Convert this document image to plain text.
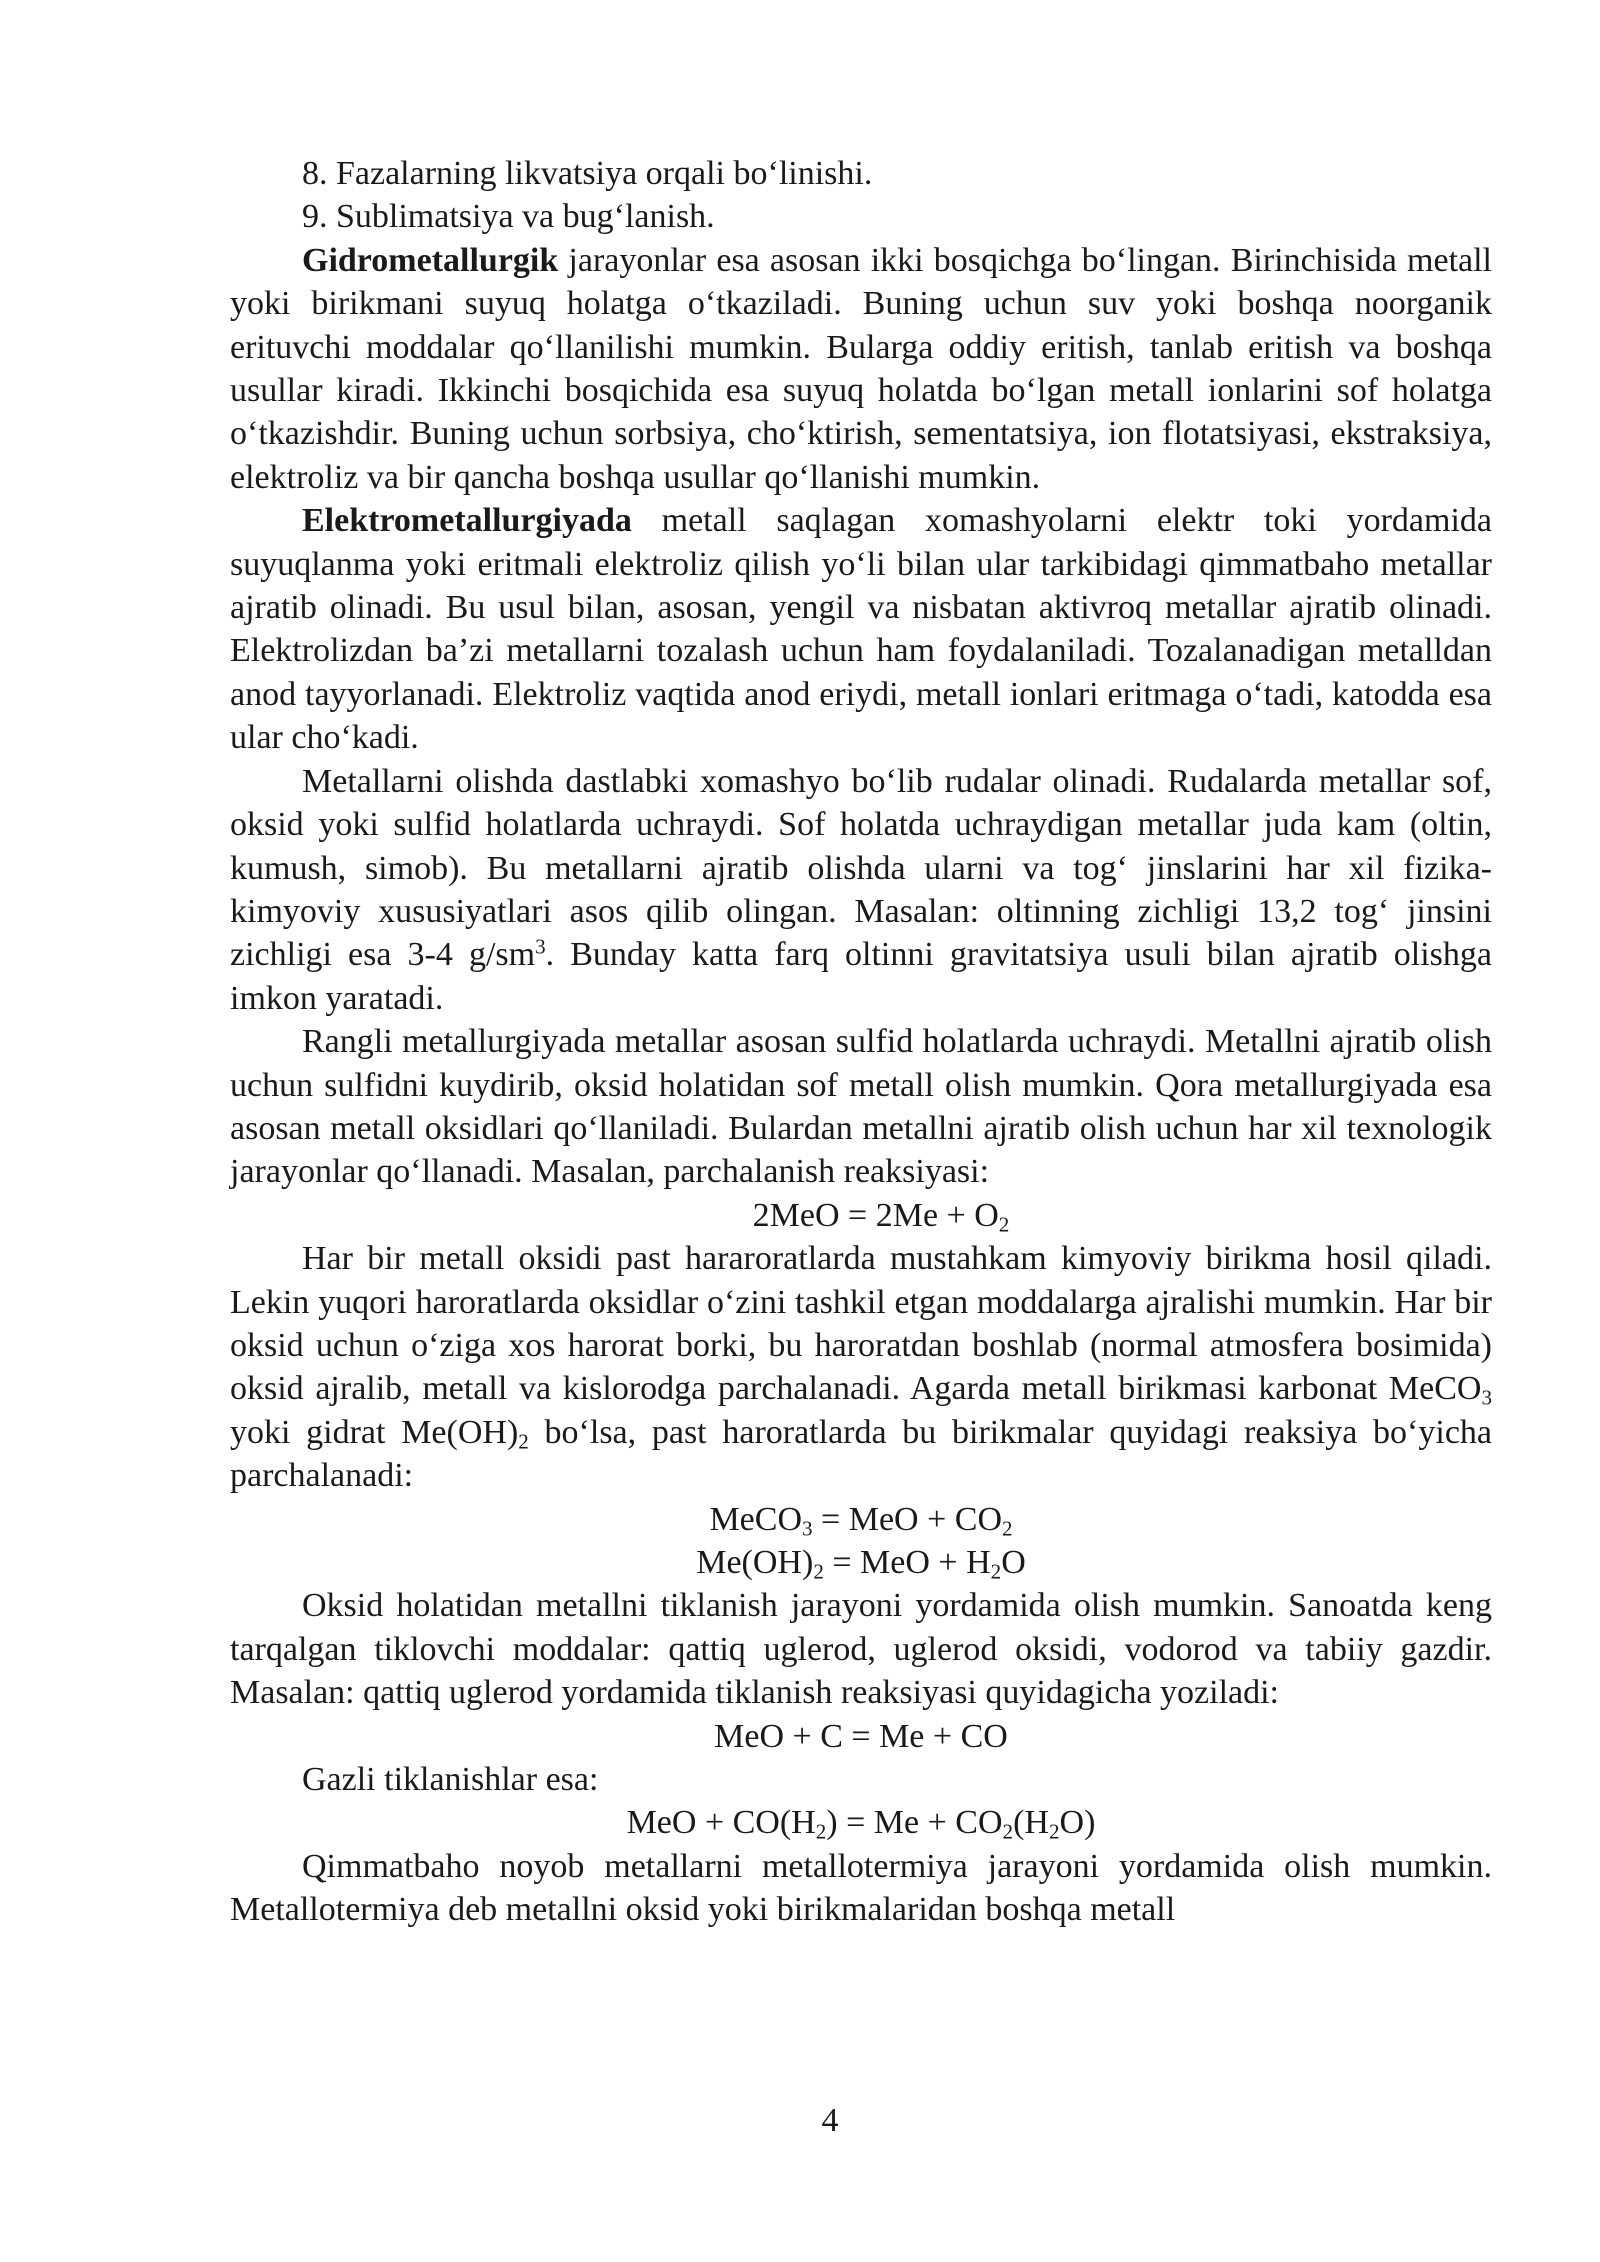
8. Fazalarning likvatsiya orqali bo‘linishi.

9. Sublimatsiya va bug‘lanish.

Gidrometallurgik jarayonlar esa asosan ikki bosqichga bo‘lingan. Birinchisida metall yoki birikmani suyuq holatga o‘tkaziladi. Buning uchun suv yoki boshqa noorganik erituvchi moddalar qo‘llanilishi mumkin. Bularga oddiy eritish, tanlab eritish va boshqa usullar kiradi. Ikkinchi bosqichida esa suyuq holatda bo‘lgan metall ionlarini sof holatga o‘tkazishdir. Buning uchun sorbsiya, cho‘ktirish, sementatsiya, ion flotatsiyasi, ekstraksiya, elektroliz va bir qancha boshqa usullar qo‘llanishi mumkin.

Elektrometallurgiyada metall saqlagan xomashyolarni elektr toki yordamida suyuqlanma yoki eritmali elektroliz qilish yo‘li bilan ular tarkibidagi qimmatbaho metallar ajratib olinadi. Bu usul bilan, asosan, yengil va nisbatan aktivroq metallar ajratib olinadi. Elektrolizdan ba’zi metallarni tozalash uchun ham foydalaniladi. Tozalanadigan metalldan anod tayyorlanadi. Elektroliz vaqtida anod eriydi, metall ionlari eritmaga o‘tadi, katodda esa ular cho‘kadi.

Metallarni olishda dastlabki xomashyo bo‘lib rudalar olinadi. Rudalarda metallar sof, oksid yoki sulfid holatlarda uchraydi. Sof holatda uchraydigan metallar juda kam (oltin, kumush, simob). Bu metallarni ajratib olishda ularni va tog‘ jinslarini har xil fizika-kimyoviy xususiyatlari asos qilib olingan. Masalan: oltinning zichligi 13,2 tog‘ jinsini zichligi esa 3-4 $g/sm^3$. Bunday katta farq oltinni gravitatsiya usuli bilan ajratib olishga imkon yaratadi.

Rangli metallurgiyada metallar asosan sulfid holatlarda uchraydi. Metallni ajratib olish uchun sulfidni kuydirib, oksid holatidan sof metall olish mumkin. Qora metallurgiyada esa asosan metall oksidlari qo‘llaniladi. Bulardan metallni ajratib olish uchun har xil texnologik jarayonlar qo‘llanadi. Masalan, parchalanish reaksiyasi:

$2MeO = 2Me + O_2$

Har bir metall oksidi past hararoratlarda mustahkam kimyoviy birikma hosil qiladi. Lekin yuqori haroratlarda oksidlar o‘zini tashkil etgan moddalarga ajralishi mumkin. Har bir oksid uchun o‘ziga xos harorat borki, bu haroratdan boshlab (normal atmosfera bosimida) oksid ajralib, metall va kislorodga parchalanadi. Agarda metall birikmasi karbonat MeCO$_3$ yoki gidrat $Me(OH)_2$ bo‘lsa, past haroratlarda bu birikmalar quyidagi reaksiya bo‘yicha parchalanadi:

MeCO$_3$ = MeO + $CO_2$

$Me(OH)_2$ = MeO + $H_2O$

Oksid holatidan metallni tiklanish jarayoni yordamida olish mumkin. Sanoatda keng tarqalgan tiklovchi moddalar: qattiq uglerod, uglerod oksidi, vodorod va tabiiy gazdir. Masalan: qattiq uglerod yordamida tiklanish reaksiyasi quyidagicha yoziladi:

MeO + C = Me + CO

Gazli tiklanishlar esa:

MeO + $CO(H_2) = Me + CO_2(H_2O)$

Qimmatbaho noyob metallarni metallotermiya jarayoni yordamida olish mumkin. Metallotermiya deb metallni oksid yoki birikmalaridan boshqa metall

4
